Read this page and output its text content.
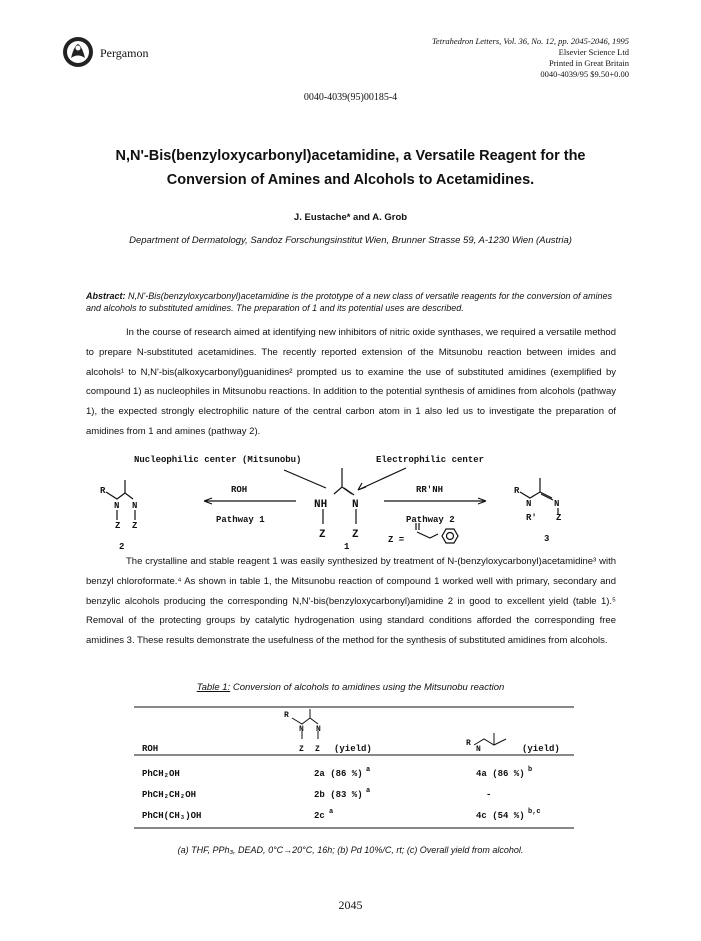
Pergamon
Tetrahedron Letters, Vol. 36, No. 12, pp. 2045-2046, 1995
Elsevier Science Ltd
Printed in Great Britain
0040-4039/95 $9.50+0.00
0040-4039(95)00185-4
N,N'-Bis(benzyloxycarbonyl)acetamidine, a Versatile Reagent for the
Conversion of Amines and Alcohols to Acetamidines.
J. Eustache* and A. Grob
Department of Dermatology, Sandoz Forschungsinstitut Wien, Brunner Strasse 59, A-1230 Wien (Austria)
Abstract: N,N'-Bis(benzyloxycarbonyl)acetamidine is the prototype of a new class of versatile reagents for the conversion of amines and alcohols to substituted amidines. The preparation of 1 and its potential uses are described.
In the course of research aimed at identifying new inhibitors of nitric oxide synthases, we required a versatile method to prepare N-substituted acetamidines. The recently reported extension of the Mitsunobu reaction between imides and alcohols¹ to N,N'-bis(alkoxycarbonyl)guanidines² prompted us to examine the use of substituted amidines (exemplified by compound 1) as nucleophiles in Mitsunobu reactions. In addition to the potential synthesis of amidines from alcohols (pathway 1), the expected strongly electrophilic nature of the central carbon atom in 1 also led us to investigate the preparation of amidines from 1 and amines (pathway 2).
Nucleophilic center (Mitsunobu)	Electrophilic center
R
N N
Z Z
2
ROH
Pathway 1
RR'NH
Pathway 2
NH N
Z Z
1
Z =
R
N	N
R' Z
3
The crystalline and stable reagent 1 was easily synthesized by treatment of N-(benzyloxycarbonyl)acetamidine³ with benzyl chloroformate.⁴ As shown in table 1, the Mitsunobu reaction of compound 1 worked well with primary, secondary and benzylic alcohols producing the corresponding N,N'-bis(benzyloxycarbonyl)amidine 2 in good to excellent yield (table 1).⁵ Removal of the protecting groups by catalytic hydrogenation using standard conditions afforded the corresponding free amidines 3. These results demonstrate the usefulness of the method for the synthesis of substituted amidines from alcohols.
Table 1: Conversion of alcohols to amidines using the Mitsunobu reaction
R
N N
Z Z
R
N
ROH	(yield)	(yield)
PhCH₂OH	2a (86 %) a	4a (86 %) b
PhCH₂CH₂OH	2b (83 %) a	-
PhCH(CH₃)OH	2c a	4c (54 %) b,c
(a) THF, PPh₃, DEAD, 0°C→20°C, 16h; (b) Pd 10%/C, rt; (c) Overall yield from alcohol.
2045
